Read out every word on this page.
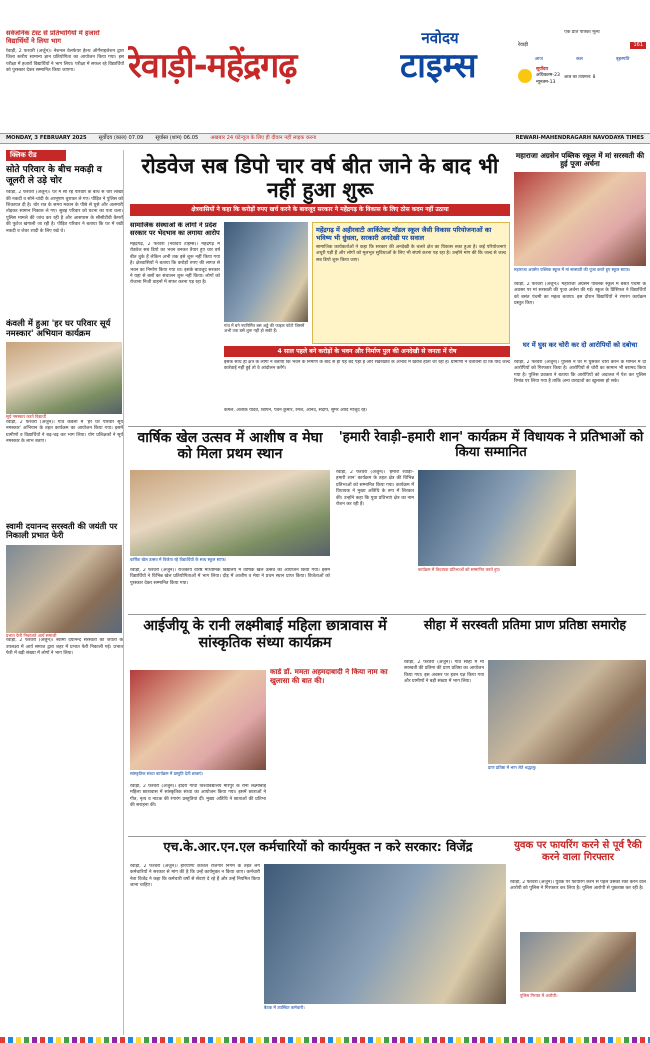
सर्वजनिक टेस्ट से प्रतिभागियों में हजारों विद्यार्थियों ने लिया भाग
रेवाड़ी, 2 फरवरी (अर्जुन)। नेशनल वेलफेयर हेल्थ ऑर्गेनाइजेशन द्वारा जिला स्तरीय सामान्य ज्ञान प्रतियोगिता का आयोजन किया गया। इस परीक्षा में हजारों विद्यार्थियों ने भाग लिया। परीक्षा में सफल रहे विद्यार्थियों को पुरस्कार देकर सम्मानित किया जाएगा।
नवोदय
रेवाड़ी-महेंद्रगढ़	टाइम्स
एक प्रति पत्रिका मूल्य
रेवाड़ी	161
आज	कल	बृहस्पति
सूर्योदय
अधिकतम-23
न्यूनतम-13
आज का तापमान: 8
MONDAY, 3 FEBRUARY 2025 सूर्योदय (काल) 07.09 सूर्यास्त (शाम) 06.05 अखबार 24 घंटेन्यूज के लिए ही दीवान नहीं लाइक करना	REWARI-MAHENDRAGARH NAVODAYA TIMES
क्लिक रीड
सोते परिवार के बीच मकड़ी व जूलरी ले उड़े चोर
रेवाड़ी, 2 फरवरी (अर्जुन)। घर में सो रहे परिवार के बीच से चोर लाखों की नकदी व सोने-चांदी के आभूषण चुराकर ले गए। पीड़ित ने पुलिस को शिकायत दी है। चोर रात के समय मकान के पीछे से घुसे और अलमारी तोड़कर सामान निकाल ले गए। सुबह परिवार को घटना का पता चला। पुलिस मामले की जांच कर रही है और आसपास के सीसीटीवी कैमरों की फुटेज खंगाली जा रही है। पीड़ित परिवार ने बताया कि घर में रखी नकदी व जेवर शादी के लिए रखे थे।
कंवली में हुआ 'हर घर परिवार सूर्य नमस्कार' अभियान कार्यक्रम
सूर्य नमस्कार करते विद्यार्थी
रेवाड़ी, 2 फरवरी (अर्जुन)। गांव कंवली में 'हर घर परिवार सूर्य नमस्कार' अभियान के तहत कार्यक्रम का आयोजन किया गया। इसमें ग्रामीणों व विद्यार्थियों ने बढ़-चढ़ कर भाग लिया। योग प्रशिक्षकों ने सूर्य नमस्कार के लाभ बताए।
स्वामी दयानन्द सरस्वती की जयंती पर निकाली प्रभात फेरी
प्रभात फेरी निकालते आर्य समाजी
रेवाड़ी, 2 फरवरी (अर्जुन)। स्वामी दयानन्द सरस्वती की जयंती के उपलक्ष्य में आर्य समाज द्वारा शहर में प्रभात फेरी निकाली गई। प्रभात फेरी में बड़ी संख्या में लोगों ने भाग लिया।
रोडवेज सब डिपो चार वर्ष बीत जाने के बाद भी नहीं हुआ शुरू
क्षेत्रवासियों ने कहा कि करोड़ों रुपए खर्च करने के बावजूद सरकार ने महेंद्रगढ़ के विकास के लिए ठोस कदम नहीं उठाया
सामाजिक संस्थाओं के लोगों ने प्रदेश सरकार पर भेदभाव का लगाया आरोप
महेंद्रगढ़, 2 फरवरी (नवोदय टाइम्स)। महेंद्रगढ़ में रोडवेज सब डिपो का भवन बनकर तैयार हुए चार वर्ष बीत चुके हैं लेकिन अभी तक इसे शुरू नहीं किया गया है। क्षेत्रवासियों ने बताया कि करोड़ों रुपए की लागत से भवन का निर्माण किया गया था। इसके बावजूद सरकार ने यहां से बसों का संचालन शुरू नहीं किया। लोगों को रोजाना निजी वाहनों में सफर करना पड़ रहा है।
गांव में बने नवनिर्मित बस अड्डे की फाइल फोटो जिसमें अभी तक बसें शुरू नहीं हो सकी हैं।
महेंद्रगढ़ में अहीरवाटी आर्किटेक्ट मॉडल स्कूल जैसी विकास परियोजनाओं का भविष्य भी धुंधला, सरकारी अनदेखी पर सवाल
सामाजिक कार्यकर्ताओं ने कहा कि सरकार की अनदेखी के चलते क्षेत्र का विकास रुका हुआ है। कई परियोजनाएं अधूरी पड़ी हैं और लोगों को मूलभूत सुविधाओं के लिए भी संघर्ष करना पड़ रहा है। उन्होंने मांग की कि जल्द से जल्द सब डिपो शुरू किया जाए।
4 साल पहले बने करोड़ों के भवन और निर्माण पुल की अनदेखी से जनता में रोष
इसके साथ ही क्षेत्र के लोगों ने बताया कि भवन के निर्माण के बाद से ही यह बंद पड़ा है और रखरखाव के अभाव में खराब होता जा रहा है। ग्रामीणों ने चेतावनी दी कि यदि जल्द कार्रवाई नहीं हुई तो वे आंदोलन करेंगे।
कमल, अशोक यादव, बिपिन, पवन कुमार, रमेश, आनंद, संदीप, सुमेर आदि मौजूद रहे।
महाराजा अग्रसेन पब्लिक स्कूल में मां सरस्वती की हुई पूजा अर्चना
महाराजा अग्रसेन पब्लिक स्कूल में मां सरस्वती की पूजा करते हुए स्कूल स्टाफ।
रेवाड़ी, 2 फरवरी (अर्जुन)। महाराजा अग्रसेन पब्लिक स्कूल में बसंत पंचमी के अवसर पर मां सरस्वती की पूजा अर्चना की गई। स्कूल के प्रिंसिपल ने विद्यार्थियों को बसंत पंचमी का महत्व बताया। इस दौरान विद्यार्थियों ने रंगारंग कार्यक्रम प्रस्तुत किए।
घर में घुस कर चोरी कर दो आरोपियों को दबोचा
रेवाड़ी, 2 फरवरी (अर्जुन)। पुलिस ने घर में घुसकर चोरी करने के मामले में दो आरोपियों को गिरफ्तार किया है। आरोपियों से चोरी का सामान भी बरामद किया गया है। पुलिस प्रवक्ता ने बताया कि आरोपियों को अदालत में पेश कर पुलिस रिमांड पर लिया गया है ताकि अन्य वारदातों का खुलासा हो सके।
वार्षिक खेल उत्सव में आशीष व मेघा को मिला प्रथम स्थान
वार्षिक खेल उत्सव में विजेता रहे विद्यार्थियों के साथ स्कूल स्टाफ।
रेवाड़ी, 2 फरवरी (अर्जुन)। राजकीय वरिष्ठ माध्यमिक विद्यालय में वार्षिक खेल उत्सव का आयोजन किया गया। इसमें विद्यार्थियों ने विभिन्न खेल प्रतियोगिताओं में भाग लिया। दौड़ में आशीष व मेघा ने प्रथम स्थान प्राप्त किया। विजेताओं को पुरस्कार देकर सम्मानित किया गया।
'हमारी रेवाड़ी–हमारी शान' कार्यक्रम में विधायक ने प्रतिभाओं को किया सम्मानित
रेवाड़ी, 2 फरवरी (अर्जुन)। 'हमारी रेवाड़ी–हमारी शान' कार्यक्रम के तहत क्षेत्र की विभिन्न प्रतिभाओं को सम्मानित किया गया। कार्यक्रम में विधायक ने मुख्य अतिथि के रूप में शिरकत की। उन्होंने कहा कि युवा प्रतिभाएं क्षेत्र का नाम रोशन कर रही हैं।
कार्यक्रम में विधायक प्रतिभाओं को सम्मानित करते हुए।
आईजीयू के रानी लक्ष्मीबाई महिला छात्रावास में सांस्कृतिक संध्या कार्यक्रम
सांस्कृतिक संध्या कार्यक्रम में प्रस्तुति देती छात्राएं।
रेवाड़ी, 2 फरवरी (अर्जुन)। इंदिरा गांधी विश्वविद्यालय मीरपुर के रानी लक्ष्मीबाई महिला छात्रावास में सांस्कृतिक संध्या का आयोजन किया गया। इसमें छात्राओं ने गीत, नृत्य व नाटक की रंगारंग प्रस्तुतियां दीं। मुख्य अतिथि ने छात्राओं की प्रतिभा की सराहना की।
कार्ड डॉ. ममता अहमदाबादी ने किया नाम का खुलासा की बात की।
सीहा में सरस्वती प्रतिमा प्राण प्रतिष्ठा समारोह
रेवाड़ी, 2 फरवरी (अर्जुन)। गांव सीहा में मां सरस्वती की प्रतिमा की प्राण प्रतिष्ठा का आयोजन किया गया। इस अवसर पर हवन यज्ञ किया गया और ग्रामीणों ने बड़ी संख्या में भाग लिया।
प्राण प्रतिष्ठा में भाग लेते श्रद्धालु।
एच.के.आर.एन.एल कर्मचारियों को कार्यमुक्त न करे सरकार: विजेंद्र
रेवाड़ी, 2 फरवरी (अर्जुन)। हरियाणा कौशल रोजगार निगम के तहत लगे कर्मचारियों ने सरकार से मांग की है कि उन्हें कार्यमुक्त न किया जाए। कर्मचारी नेता विजेंद्र ने कहा कि कर्मचारी वर्षों से सेवाएं दे रहे हैं और उन्हें नियमित किया जाना चाहिए।
बैठक में उपस्थित कर्मचारी।
युवक पर फायरिंग करने से पूर्व रैकी करने वाला गिरफ्तार
रेवाड़ी, 2 फरवरी (अर्जुन)। युवक पर फायरिंग करने से पहले उसकी रैकी करने वाले आरोपी को पुलिस ने गिरफ्तार कर लिया है। पुलिस आरोपी से पूछताछ कर रही है।
पुलिस गिरफ्त में आरोपी।
